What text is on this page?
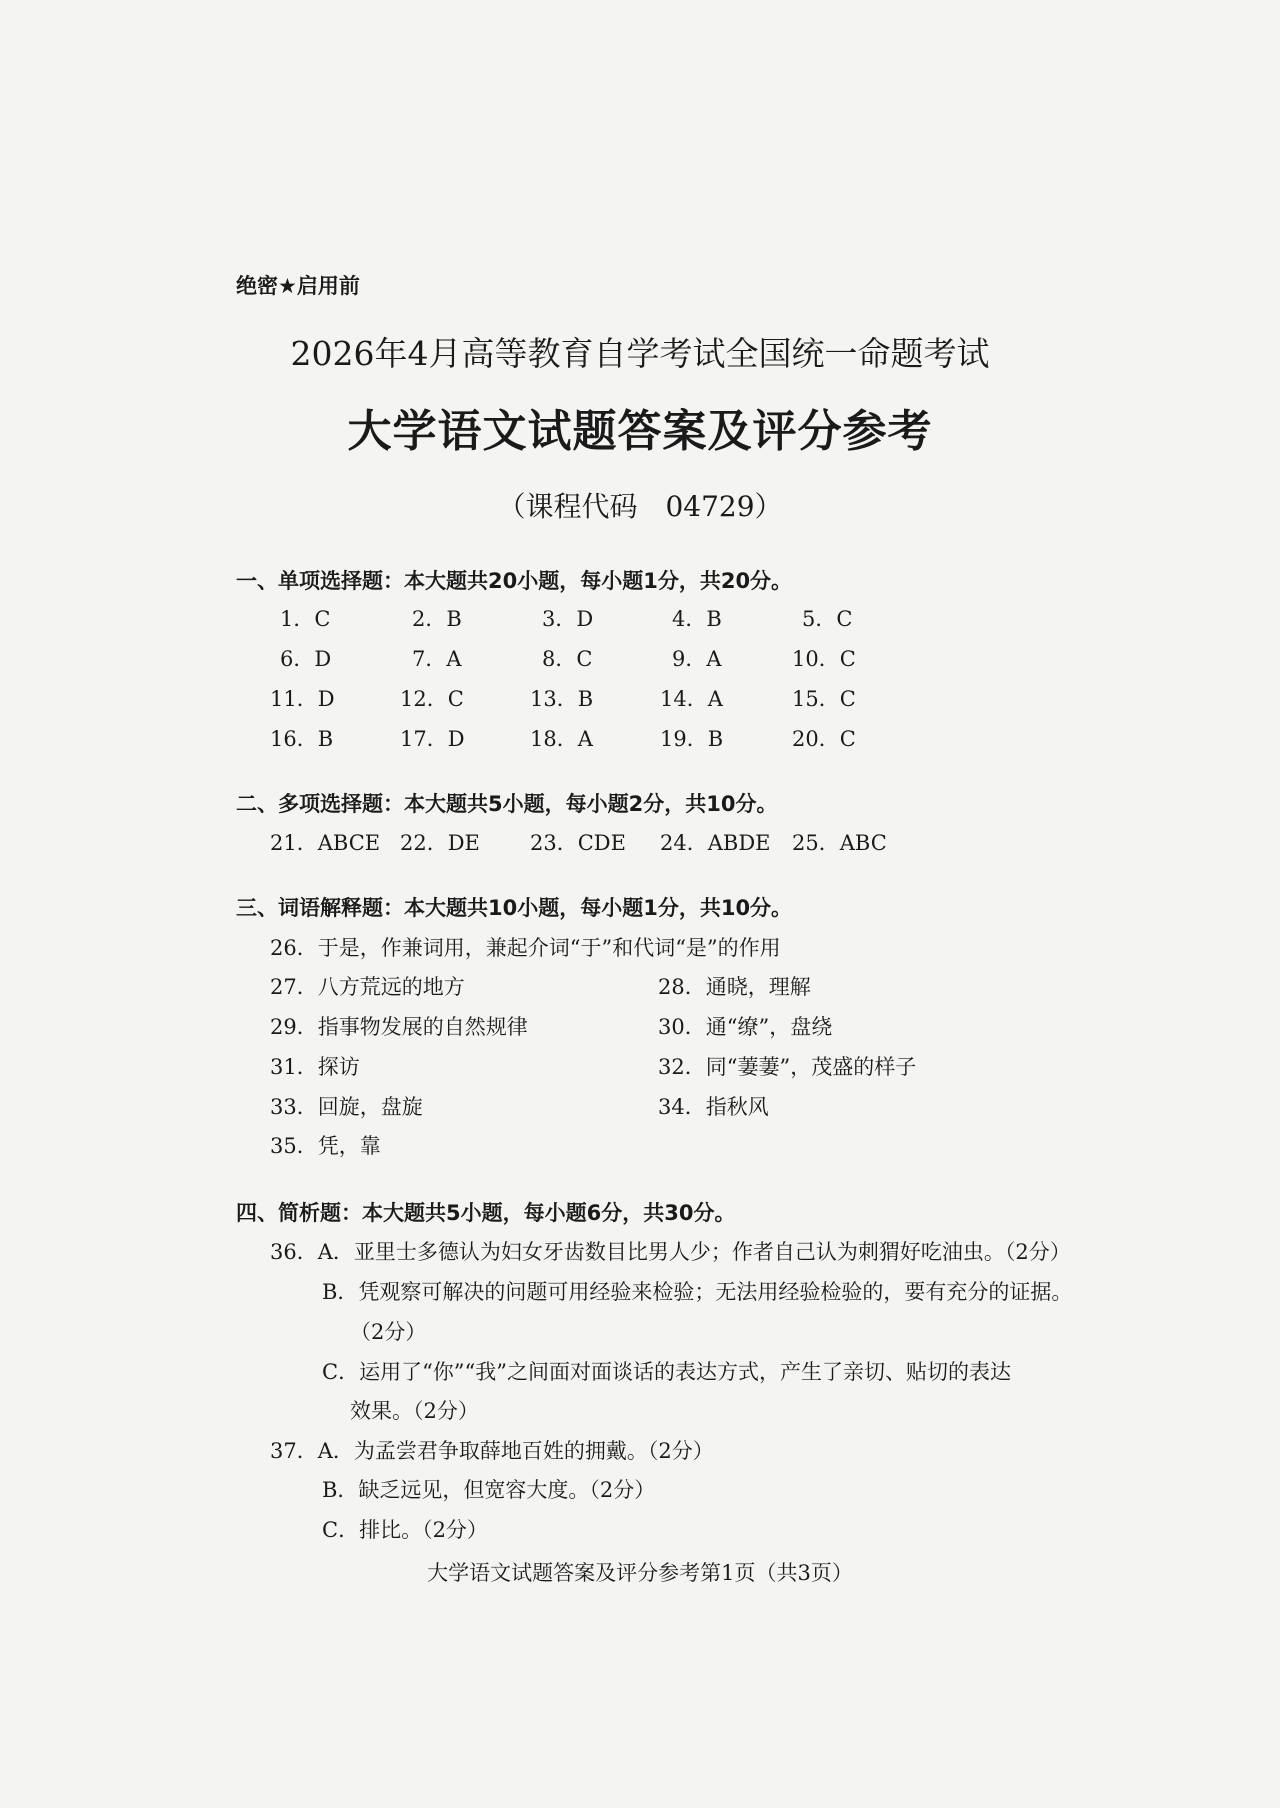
绝密★启用前
2026年4月高等教育自学考试全国统一命题考试
大学语文试题答案及评分参考
（课程代码　04729）
一、单项选择题：本大题共20小题，每小题1分，共20分。
1．C	2．B	3．D	4．B	5．C
6．D	7．A	8．C	9．A	10．C
11．D	12．C	13．B	14．A	15．C
16．B	17．D	18．A	19．B	20．C
二、多项选择题：本大题共5小题，每小题2分，共10分。
21．ABCE 22．DE 23．CDE 24．ABDE 25．ABC
三、词语解释题：本大题共10小题，每小题1分，共10分。
26．于是，作兼词用，兼起介词“于”和代词“是”的作用
27．八方荒远的地方	28．通晓，理解
29．指事物发展的自然规律	30．通“缭”，盘绕
31．探访	32．同“萋萋”，茂盛的样子
33．回旋，盘旋	34．指秋风
35．凭，靠
四、简析题：本大题共5小题，每小题6分，共30分。
36．A．亚里士多德认为妇女牙齿数目比男人少；作者自己认为刺猬好吃油虫。（2分）
B．凭观察可解决的问题可用经验来检验；无法用经验检验的，要有充分的证据。
（2分）
C．运用了“你”“我”之间面对面谈话的表达方式，产生了亲切、贴切的表达
效果。（2分）
37．A．为孟尝君争取薛地百姓的拥戴。（2分）
B．缺乏远见，但宽容大度。（2分）
C．排比。（2分）
大学语文试题答案及评分参考第1页（共3页）
